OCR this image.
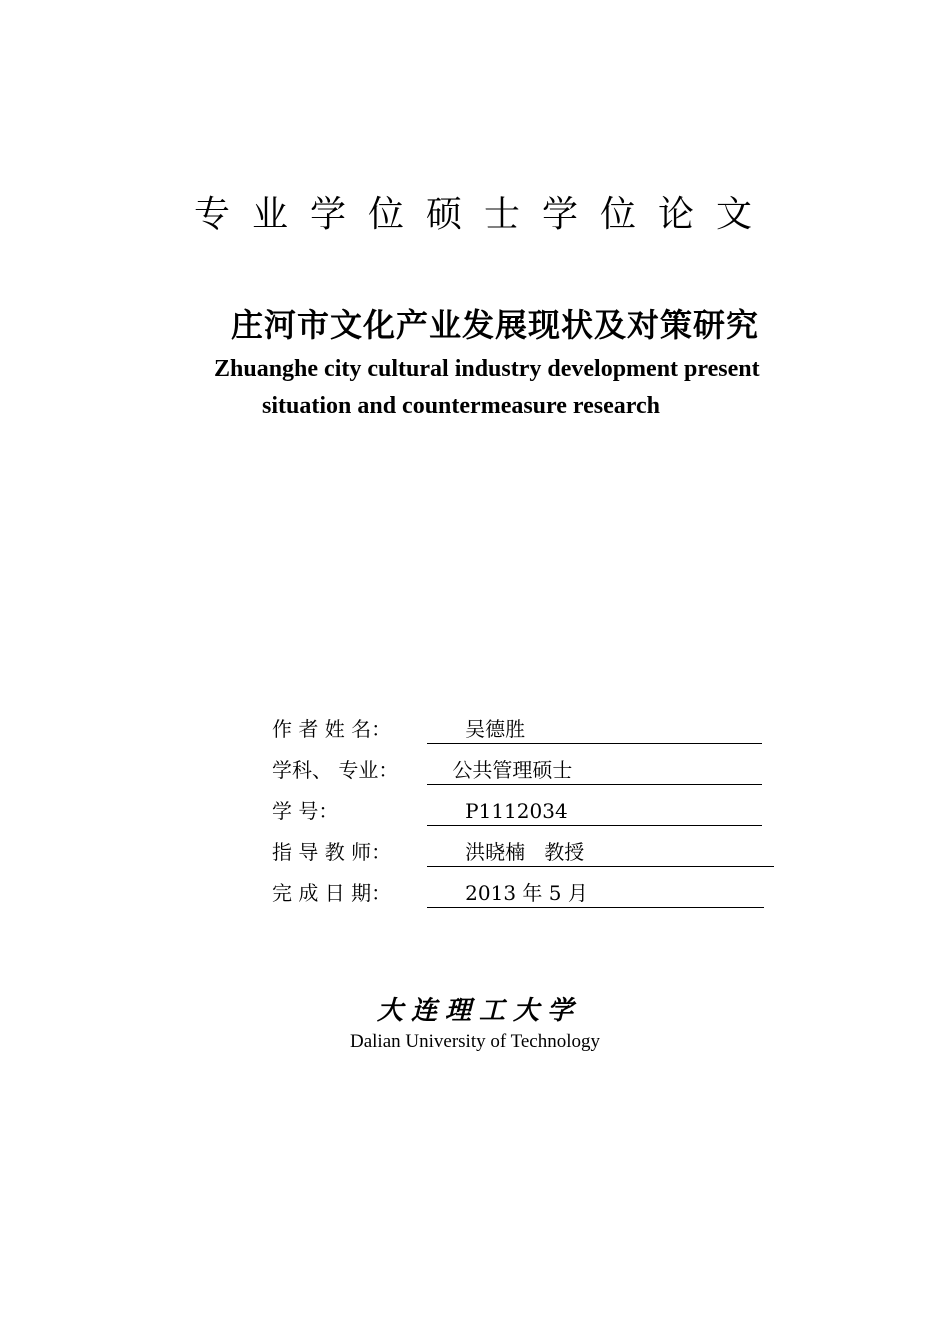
专业学位硕士学位论文
庄河市文化产业发展现状及对策研究
Zhuanghe city cultural industry development present
situation and countermeasure research
作 者 姓 名：	吴德胜
学科、 专业：	公共管理硕士
学 号：	P1112034
指 导 教 师：	洪晓楠   教授
完 成 日 期：	2013 年 5 月
大连理工大学
Dalian University of Technology
